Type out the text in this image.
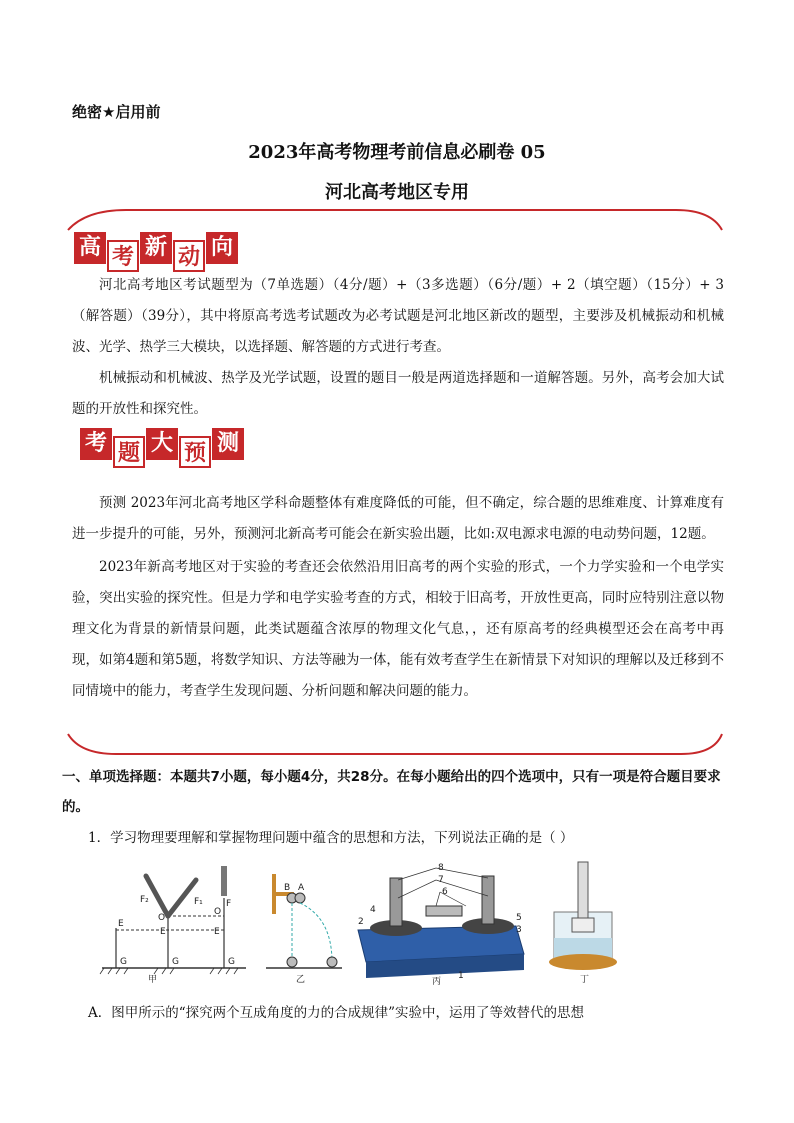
绝密★启用前
2023年高考物理考前信息必刷卷 05
河北高考地区专用
高 考 新 动 向

河北高考地区考试题型为（7单选题）（4分/题）+（3多选题）（6分/题）+ 2（填空题）（15分）+ 3（解答题）（39分），其中将原高考选考试题改为必考试题是河北地区新改的题型，主要涉及机械振动和机械波、光学、热学三大模块，以选择题、解答题的方式进行考查。

机械振动和机械波、热学及光学试题，设置的题目一般是两道选择题和一道解答题。另外，高考会加大试题的开放性和探究性。

考 题 大 预 测

预测 2023年河北高考地区学科命题整体有难度降低的可能，但不确定，综合题的思维难度、计算难度有进一步提升的可能，另外，预测河北新高考可能会在新实验出题，比如:双电源求电源的电动势问题，12题。

2023年新高考地区对于实验的考查还会依然沿用旧高考的两个实验的形式，一个力学实验和一个电学实验，突出实验的探究性。但是力学和电学实验考查的方式，相较于旧高考，开放性更高，同时应特别注意以物理文化为背景的新情景问题，此类试题蕴含浓厚的物理文化气息，，还有原高考的经典模型还会在高考中再现，如第4题和第5题，将数学知识、方法等融为一体，能有效考查学生在新情景下对知识的理解以及迁移到不同情境中的能力，考查学生发现问题、分析问题和解决问题的能力。

一、单项选择题：本题共7小题，每小题4分，共28分。在每小题给出的四个选项中，只有一项是符合题目要求的。
1．学习物理要理解和掌握物理问题中蕴含的思想和方法，下列说法正确的是（ ）
F₂	F₁	F
O
O
E
E	E
G	G	G
甲
B A
乙
8
7
6
4
2	5
3
1
丙	丁
A．图甲所示的“探究两个互成角度的力的合成规律”实验中，运用了等效替代的思想
